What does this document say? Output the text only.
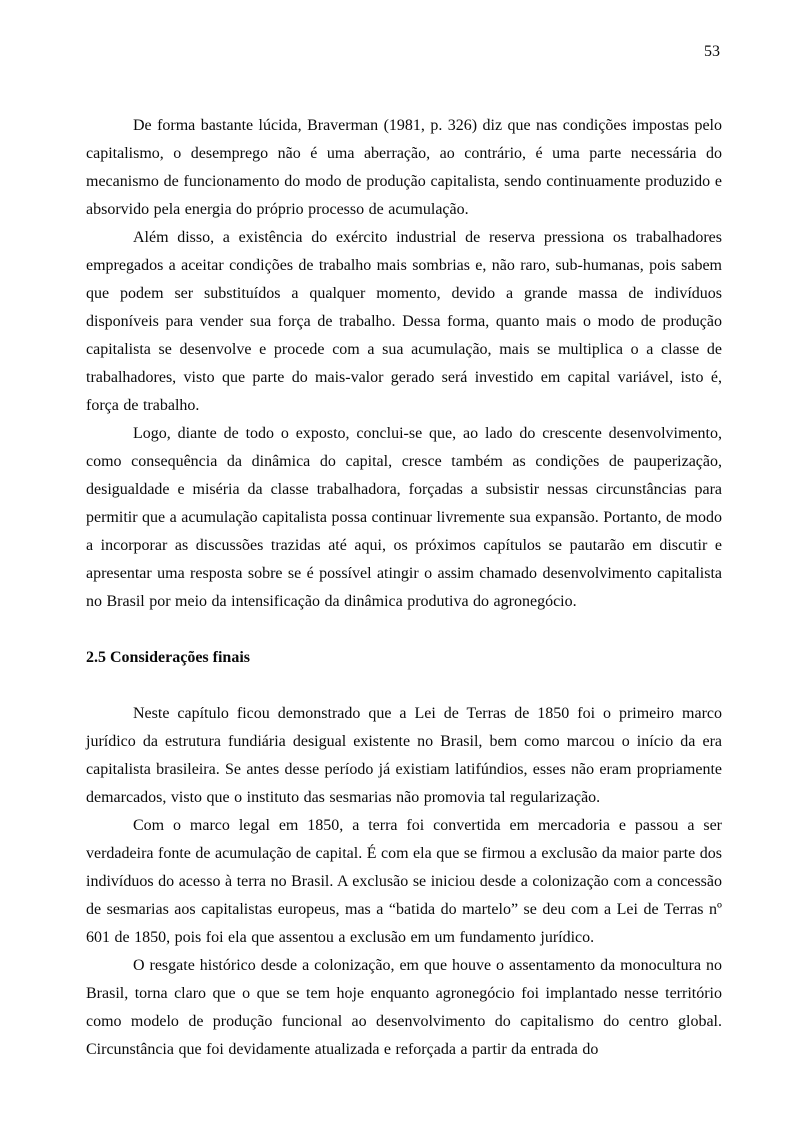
53

De forma bastante lúcida, Braverman (1981, p. 326) diz que nas condições impostas pelo capitalismo, o desemprego não é uma aberração, ao contrário, é uma parte necessária do mecanismo de funcionamento do modo de produção capitalista, sendo continuamente produzido e absorvido pela energia do próprio processo de acumulação.

Além disso, a existência do exército industrial de reserva pressiona os trabalhadores empregados a aceitar condições de trabalho mais sombrias e, não raro, sub-humanas, pois sabem que podem ser substituídos a qualquer momento, devido a grande massa de indivíduos disponíveis para vender sua força de trabalho. Dessa forma, quanto mais o modo de produção capitalista se desenvolve e procede com a sua acumulação, mais se multiplica o a classe de trabalhadores, visto que parte do mais-valor gerado será investido em capital variável, isto é, força de trabalho.

Logo, diante de todo o exposto, conclui-se que, ao lado do crescente desenvolvimento, como consequência da dinâmica do capital, cresce também as condições de pauperização, desigualdade e miséria da classe trabalhadora, forçadas a subsistir nessas circunstâncias para permitir que a acumulação capitalista possa continuar livremente sua expansão. Portanto, de modo a incorporar as discussões trazidas até aqui, os próximos capítulos se pautarão em discutir e apresentar uma resposta sobre se é possível atingir o assim chamado desenvolvimento capitalista no Brasil por meio da intensificação da dinâmica produtiva do agronegócio.

2.5 Considerações finais

Neste capítulo ficou demonstrado que a Lei de Terras de 1850 foi o primeiro marco jurídico da estrutura fundiária desigual existente no Brasil, bem como marcou o início da era capitalista brasileira. Se antes desse período já existiam latifúndios, esses não eram propriamente demarcados, visto que o instituto das sesmarias não promovia tal regularização.

Com o marco legal em 1850, a terra foi convertida em mercadoria e passou a ser verdadeira fonte de acumulação de capital. É com ela que se firmou a exclusão da maior parte dos indivíduos do acesso à terra no Brasil. A exclusão se iniciou desde a colonização com a concessão de sesmarias aos capitalistas europeus, mas a “batida do martelo” se deu com a Lei de Terras nº 601 de 1850, pois foi ela que assentou a exclusão em um fundamento jurídico.

O resgate histórico desde a colonização, em que houve o assentamento da monocultura no Brasil, torna claro que o que se tem hoje enquanto agronegócio foi implantado nesse território como modelo de produção funcional ao desenvolvimento do capitalismo do centro global. Circunstância que foi devidamente atualizada e reforçada a partir da entrada do
